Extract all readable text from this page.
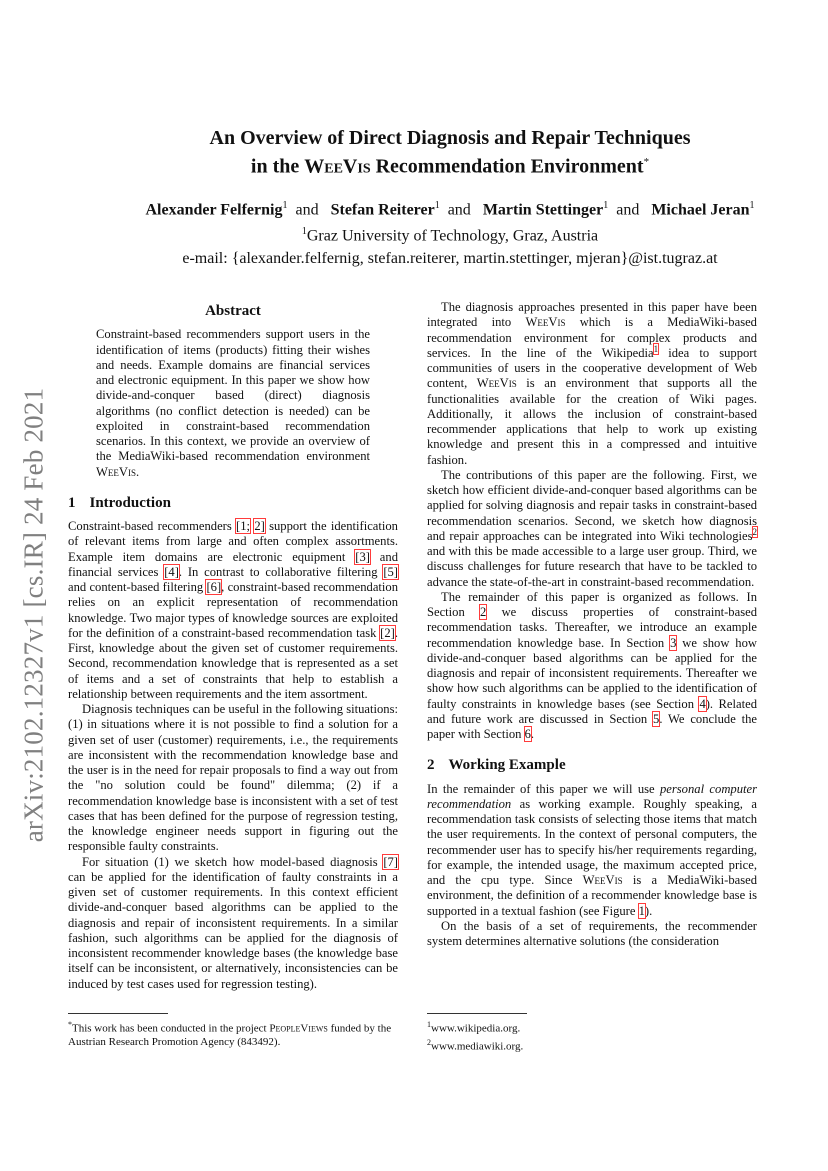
arXiv:2102.12327v1 [cs.IR] 24 Feb 2021
An Overview of Direct Diagnosis and Repair Techniques
in the WeeVis Recommendation Environment*
Alexander Felfernig$^1$ and Stefan Reiterer$^1$ and Martin Stettinger$^1$ and Michael Jeran$^1$
$^1$Graz University of Technology, Graz, Austria
e-mail: {alexander.felfernig, stefan.reiterer, martin.stettinger, mjeran}@ist.tugraz.at
Abstract
Constraint-based recommenders support users in the identification of items (products) fitting their wishes and needs. Example domains are financial services and electronic equipment. In this paper we show how divide-and-conquer based (direct) diagnosis algorithms (no conflict detection is needed) can be exploited in constraint-based recommendation scenarios. In this context, we provide an overview of the MediaWiki-based recommendation environment WeeVis.
1 Introduction

Constraint-based recommenders [1; 2] support the identification of relevant items from large and often complex assortments. Example item domains are electronic equipment [3] and financial services [4]. In contrast to collaborative filtering [5] and content-based filtering [6], constraint-based recommendation relies on an explicit representation of recommendation knowledge. Two major types of knowledge sources are exploited for the definition of a constraint-based recommendation task [2]. First, knowledge about the given set of customer requirements. Second, recommendation knowledge that is represented as a set of items and a set of constraints that help to establish a relationship between requirements and the item assortment.

Diagnosis techniques can be useful in the following situations: (1) in situations where it is not possible to find a solution for a given set of user (customer) requirements, i.e., the requirements are inconsistent with the recommendation knowledge base and the user is in the need for repair proposals to find a way out from the "no solution could be found" dilemma; (2) if a recommendation knowledge base is inconsistent with a set of test cases that has been defined for the purpose of regression testing, the knowledge engineer needs support in figuring out the responsible faulty constraints.

For situation (1) we sketch how model-based diagnosis [7] can be applied for the identification of faulty constraints in a given set of customer requirements. In this context efficient divide-and-conquer based algorithms can be applied to the diagnosis and repair of inconsistent requirements. In a similar fashion, such algorithms can be applied for the diagnosis of inconsistent recommender knowledge bases (the knowledge base itself can be inconsistent, or alternatively, inconsistencies can be induced by test cases used for regression testing).

*This work has been conducted in the project PeopleViews funded by the Austrian Research Promotion Agency (843492).

The diagnosis approaches presented in this paper have been integrated into WeeVis which is a MediaWiki-based recommendation environment for complex products and services. In the line of the Wikipedia$^1$ idea to support communities of users in the cooperative development of Web content, WeeVis is an environment that supports all the functionalities available for the creation of Wiki pages. Additionally, it allows the inclusion of constraint-based recommender applications that help to work up existing knowledge and present this in a compressed and intuitive fashion.

The contributions of this paper are the following. First, we sketch how efficient divide-and-conquer based algorithms can be applied for solving diagnosis and repair tasks in constraint-based recommendation scenarios. Second, we sketch how diagnosis and repair approaches can be integrated into Wiki technologies$^2$ and with this be made accessible to a large user group. Third, we discuss challenges for future research that have to be tackled to advance the state-of-the-art in constraint-based recommendation.

The remainder of this paper is organized as follows. In Section 2 we discuss properties of constraint-based recommendation tasks. Thereafter, we introduce an example recommendation knowledge base. In Section 3 we show how divide-and-conquer based algorithms can be applied for the diagnosis and repair of inconsistent requirements. Thereafter we show how such algorithms can be applied to the identification of faulty constraints in knowledge bases (see Section 4). Related and future work are discussed in Section 5. We conclude the paper with Section 6.

2 Working Example

In the remainder of this paper we will use personal computer recommendation as working example. Roughly speaking, a recommendation task consists of selecting those items that match the user requirements. In the context of personal computers, the recommender user has to specify his/her requirements regarding, for example, the intended usage, the maximum accepted price, and the cpu type. Since WeeVis is a MediaWiki-based environment, the definition of a recommender knowledge base is supported in a textual fashion (see Figure 1).

On the basis of a set of requirements, the recommender system determines alternative solutions (the consideration

$^1$www.wikipedia.org.

$^2$www.mediawiki.org.
